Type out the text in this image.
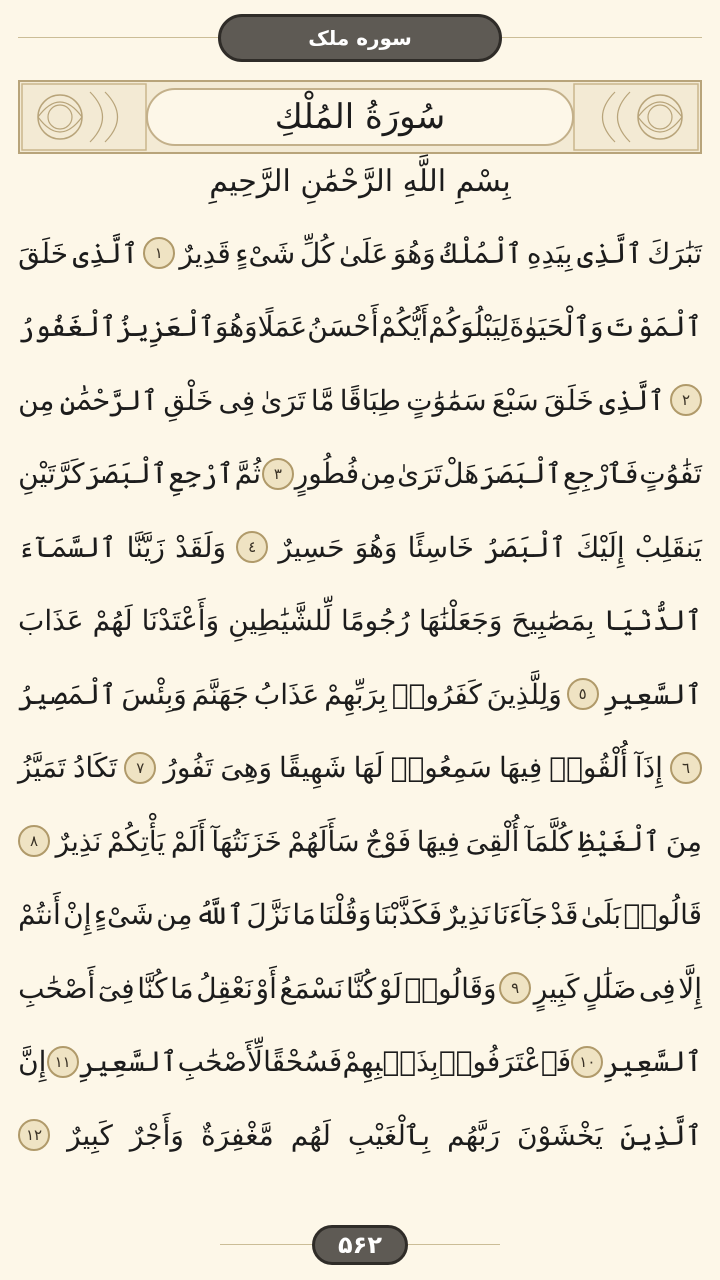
سوره ملک
سُورَةُ المُلْكِ
بِسْمِ اللَّهِ الرَّحْمَٰنِ الرَّحِيمِ
تَبَٰرَكَ
ٱلَّذِى
بِيَدِهِ
ٱلْمُلْكُ
وَهُوَ
عَلَىٰ
كُلِّ
شَىْءٍ
قَدِيرٌ
١
ٱلَّذِى
خَلَقَ
ٱلْمَوْتَ
وَٱلْحَيَوٰةَ
لِيَبْلُوَكُمْ
أَيُّكُمْ
أَحْسَنُ
عَمَلًا
وَهُوَ
ٱلْعَزِيزُ
ٱلْغَفُورُ
٢
ٱلَّذِى
خَلَقَ
سَبْعَ
سَمَٰوَٰتٍ
طِبَاقًا
مَّا
تَرَىٰ
فِى
خَلْقِ
ٱلرَّحْمَٰنِ
مِن
تَفَٰوُتٍ
فَٱرْجِعِ
ٱلْبَصَرَ
هَلْ
تَرَىٰ
مِن
فُطُورٍ
٣
ثُمَّ
ٱرْجِعِ
ٱلْبَصَرَ
كَرَّتَيْنِ
يَنقَلِبْ
إِلَيْكَ
ٱلْبَصَرُ
خَاسِئًا
وَهُوَ
حَسِيرٌ
٤
وَلَقَدْ
زَيَّنَّا
ٱلسَّمَآءَ
ٱلدُّنْيَا
بِمَصَٰبِيحَ
وَجَعَلْنَٰهَا
رُجُومًا
لِّلشَّيَٰطِينِ
وَأَعْتَدْنَا
لَهُمْ
عَذَابَ
ٱلسَّعِيرِ
٥
وَلِلَّذِينَ
كَفَرُوا۟
بِرَبِّهِمْ
عَذَابُ
جَهَنَّمَ
وَبِئْسَ
ٱلْمَصِيرُ
٦
إِذَآ
أُلْقُوا۟
فِيهَا
سَمِعُوا۟
لَهَا
شَهِيقًا
وَهِىَ
تَفُورُ
٧
تَكَادُ
تَمَيَّزُ
مِنَ
ٱلْغَيْظِ
كُلَّمَآ
أُلْقِىَ
فِيهَا
فَوْجٌ
سَأَلَهُمْ
خَزَنَتُهَآ
أَلَمْ
يَأْتِكُمْ
نَذِيرٌ
٨
قَالُوا۟
بَلَىٰ
قَدْ
جَآءَنَا
نَذِيرٌ
فَكَذَّبْنَا
وَقُلْنَا
مَا
نَزَّلَ
ٱللَّهُ
مِن
شَىْءٍ
إِنْ
أَنتُمْ
إِلَّا
فِى
ضَلَٰلٍ
كَبِيرٍ
٩
وَقَالُوا۟
لَوْ
كُنَّا
نَسْمَعُ
أَوْ
نَعْقِلُ
مَا
كُنَّا
فِىٓ
أَصْحَٰبِ
ٱلسَّعِيرِ
١٠
فَٱعْتَرَفُوا۟
بِذَنۢبِهِمْ
فَسُحْقًا
لِّأَصْحَٰبِ
ٱلسَّعِيرِ
١١
إِنَّ
ٱلَّذِينَ
يَخْشَوْنَ
رَبَّهُم
بِٱلْغَيْبِ
لَهُم
مَّغْفِرَةٌ
وَأَجْرٌ
كَبِيرٌ
١٢
۵۶۲
